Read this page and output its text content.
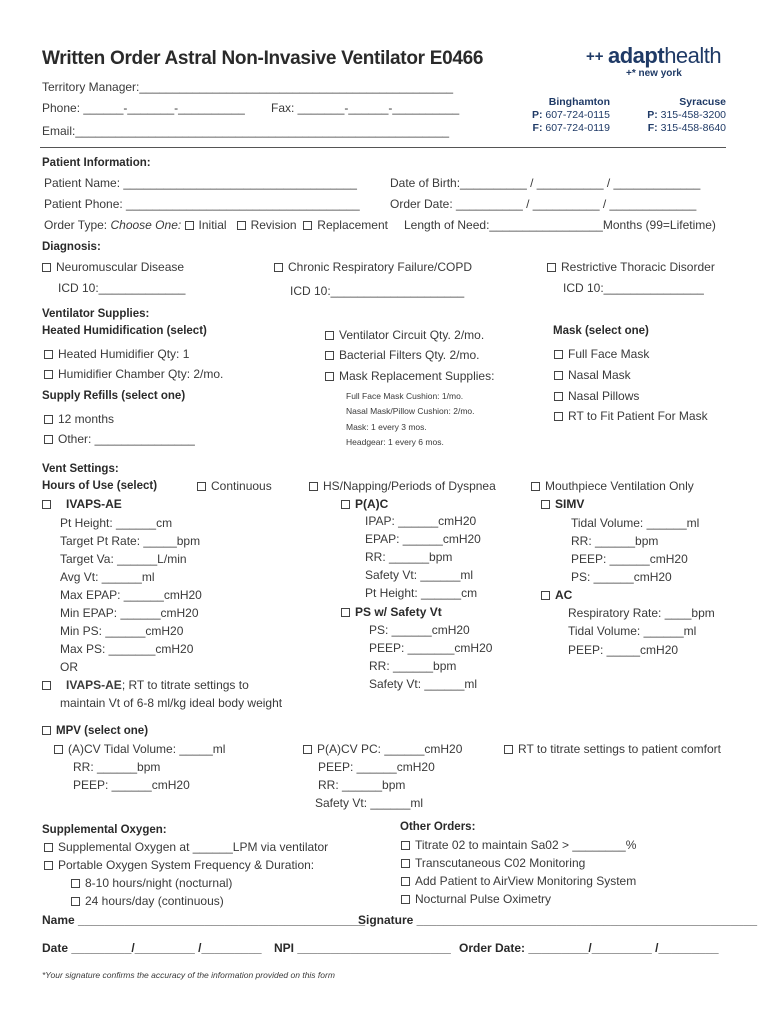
Written Order Astral Non-Invasive Ventilator E0466	++ adapthealth
+* new york
Territory Manager:_______________________________________________
Phone: ______-_______-__________ Fax: _______-______-__________
Email:________________________________________________________
Binghamton
P: 607-724-0115
F: 607-724-0119
Syracuse
P: 315-458-3200
F: 315-458-8640
Patient Information:
Patient Name: ___________________________________	Date of Birth:__________ / __________ / _____________
Patient Phone: ___________________________________	Order Date: __________ / __________ / _____________
Order Type: Choose One: Initial Revision Replacement Length of Need:_________________Months (99=Lifetime)
Diagnosis:
Neuromuscular Disease
ICD 10:_____________
Chronic Respiratory Failure/COPD
ICD 10:____________________
Restrictive Thoracic Disorder
ICD 10:_______________
Ventilator Supplies:
Heated Humidification (select)
Heated Humidifier Qty: 1
Humidifier Chamber Qty: 2/mo.
Supply Refills (select one)
12 months
Other: _______________
Ventilator Circuit Qty. 2/mo.
Bacterial Filters Qty. 2/mo.
Mask Replacement Supplies:
Full Face Mask Cushion: 1/mo.
Nasal Mask/Pillow Cushion: 2/mo.
Mask: 1 every 3 mos.
Headgear: 1 every 6 mos.
Mask (select one)
Full Face Mask
Nasal Mask
Nasal Pillows
RT to Fit Patient For Mask
Vent Settings:
Hours of Use (select)	Continuous	HS/Napping/Periods of Dyspnea	Mouthpiece Ventilation Only
IVAPS-AE
Pt Height: ______cm
Target Pt Rate: _____bpm
Target Va: ______L/min
Avg Vt: ______ml
Max EPAP: ______cmH20
Min EPAP: ______cmH20
Min PS: ______cmH20
Max PS: _______cmH20
OR
IVAPS-AE; RT to titrate settings to
maintain Vt of 6-8 ml/kg ideal body weight
P(A)C
IPAP: ______cmH20
EPAP: ______cmH20
RR: ______bpm
Safety Vt: ______ml
Pt Height: ______cm
PS w/ Safety Vt
PS: ______cmH20
PEEP: _______cmH20
RR: ______bpm
Safety Vt: ______ml
SIMV
Tidal Volume: ______ml
RR: ______bpm
PEEP: ______cmH20
PS: ______cmH20
AC
Respiratory Rate: ____bpm
Tidal Volume: ______ml
PEEP: _____cmH20
MPV (select one)
(A)CV Tidal Volume: _____ml
RR: ______bpm
PEEP: ______cmH20
P(A)CV PC: ______cmH20
PEEP: ______cmH20
RR: ______bpm
Safety Vt: ______ml
RT to titrate settings to patient comfort
Supplemental Oxygen:
Supplemental Oxygen at ______LPM via ventilator
Portable Oxygen System Frequency & Duration:
8-10 hours/night (nocturnal)
24 hours/day (continuous)
Other Orders:
Titrate 02 to maintain Sa02 > ________%
Transcutaneous C02 Monitoring
Add Patient to AirView Monitoring System
Nocturnal Pulse Oximetry
Name ___________________________________________
Signature ___________________________________________________
Date _________/_________ /_________ NPI _______________________ Order Date: _________/_________ /_________
*Your signature confirms the accuracy of the information provided on this form
